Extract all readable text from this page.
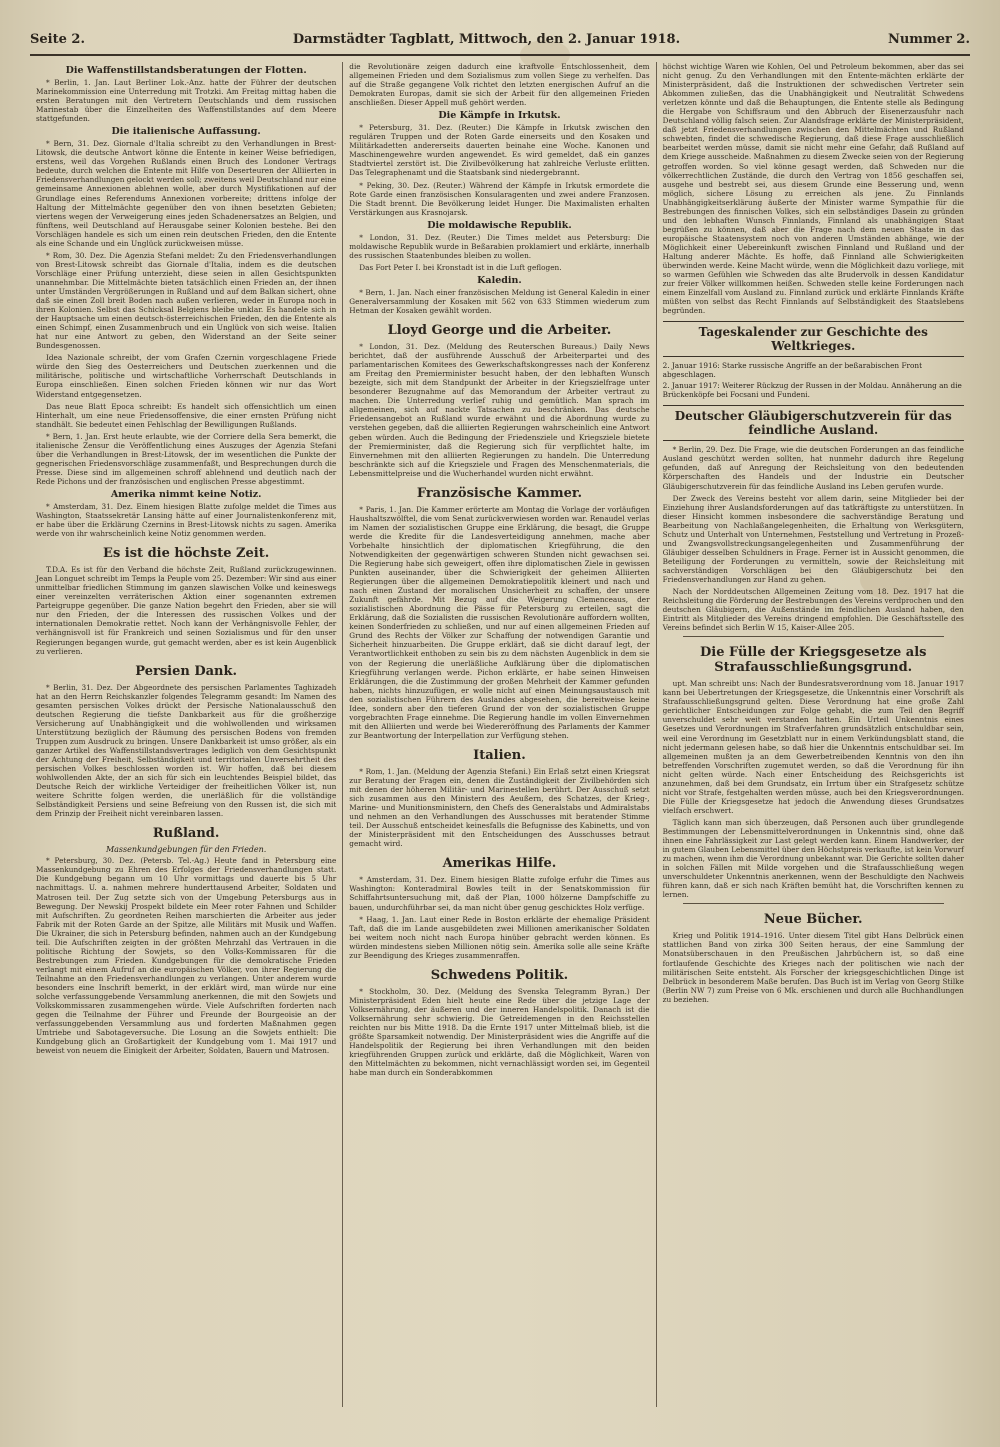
Seite 2.	Darmstädter Tagblatt, Mittwoch, den 2. Januar 1918.	Nummer 2.
Die Waffenstillstandsberatungen der Flotten.

* Berlin, 1. Jan. Laut Berliner Lok.-Anz. hatte der Führer der deutschen Marinekommission eine Unterredung mit Trotzki. Am Freitag mittag haben die ersten Beratungen mit den Vertretern Deutschlands und dem russischen Marinestab über die Einzelheiten des Waffenstillstandes auf dem Meere stattgefunden.

Die italienische Auffassung.

* Bern, 31. Dez. Giornale d'Italia schreibt zu den Verhandlungen in Brest-Litowsk, die deutsche Antwort könne die Entente in keiner Weise befriedigen, erstens, weil das Vorgehen Rußlands einen Bruch des Londoner Vertrags bedeute, durch welchen die Entente mit Hilfe von Deserteuren der Alliierten in Friedensverhandlungen gelockt werden soll; zweitens weil Deutschland nur eine gemeinsame Annexionen ablehnen wolle, aber durch Mystifikationen auf der Grundlage eines Referendums Annexionen vorbereite; drittens infolge der Haltung der Mittelmächte gegenüber den von ihnen besetzten Gebieten; viertens wegen der Verweigerung eines jeden Schadenersatzes an Belgien, und fünftens, weil Deutschland auf Herausgabe seiner Kolonien bestehe. Bei den Vorschlägen handele es sich um einen rein deutschen Frieden, den die Entente als eine Schande und ein Unglück zurückweisen müsse.

* Rom, 30. Dez. Die Agenzia Stefani meldet: Zu den Friedensverhandlungen von Brest-Litowsk schreibt das Giornale d'Italia, indem es die deutschen Vorschläge einer Prüfung unterzieht, diese seien in allen Gesichtspunkten unannehmbar. Die Mittelmächte bieten tatsächlich einen Frieden an, der ihnen unter Umständen Vergrößerungen in Rußland und auf dem Balkan sichert, ohne daß sie einen Zoll breit Boden nach außen verlieren, weder in Europa noch in ihren Kolonien. Selbst das Schicksal Belgiens bleibe unklar. Es handele sich in der Hauptsache um einen deutsch-österreichischen Frieden, den die Entente als einen Schimpf, einen Zusammenbruch und ein Unglück von sich weise. Italien hat nur eine Antwort zu geben, den Widerstand an der Seite seiner Bundesgenossen.

Idea Nazionale schreibt, der vom Grafen Czernin vorgeschlagene Friede würde den Sieg des Oesterreichers und Deutschen zuerkennen und die militärische, politische und wirtschaftliche Vorherrschaft Deutschlands in Europa einschließen. Einen solchen Frieden können wir nur das Wort Widerstand entgegensetzen.

Das neue Blatt Epoca schreibt: Es handelt sich offensichtlich um einen Hinterhalt, um eine neue Friedensoffensive, die einer ernsten Prüfung nicht standhält. Sie bedeutet einen Fehlschlag der Bewilligungen Rußlands.

* Bern, 1. Jan. Erst heute erlaubte, wie der Corriere della Sera bemerkt, die italienische Zensur die Veröffentlichung eines Auszuges der Agenzia Stefani über die Verhandlungen in Brest-Litowsk, der im wesentlichen die Punkte der gegnerischen Friedensvorschläge zusammenfaßt, und Besprechungen durch die Presse. Diese sind im allgemeinen schroff ablehnend und deutlich nach der Rede Pichons und der französischen und englischen Presse abgestimmt.

Amerika nimmt keine Notiz.

* Amsterdam, 31. Dez. Einem hiesigen Blatte zufolge meldet die Times aus Washington, Staatssekretär Lansing hätte auf einer Journalistenkonferenz mit, er habe über die Erklärung Czernins in Brest-Litowsk nichts zu sagen. Amerika werde von ihr wahrscheinlich keine Notiz genommen werden.

Es ist die höchste Zeit.

T.D.A. Es ist für den Verband die höchste Zeit, Rußland zurückzugewinnen. Jean Longuet schreibt im Temps la Peuple vom 25. Dezember: Wir sind aus einer unmittelbar friedlichen Stimmung im ganzen slawischen Volke und keineswegs einer vereinzelten verräterischen Aktion einer sogenannten extremen Parteigruppe gegenüber. Die ganze Nation begehrt den Frieden, aber sie will nur den Frieden, der die Interessen des russischen Volkes und der internationalen Demokratie rettet. Noch kann der Verhängnisvolle Fehler, der verhängnisvoll ist für Frankreich und seinen Sozialismus und für den unser Regierungen begangen wurde, gut gemacht werden, aber es ist kein Augenblick zu verlieren.

Persien Dank.

* Berlin, 31. Dez. Der Abgeordnete des persischen Parlamentes Taghizadeh hat an den Herrn Reichskanzler folgendes Telegramm gesandt: Im Namen des gesamten persischen Volkes drückt der Persische Nationalausschuß den deutschen Regierung die tiefste Dankbarkeit aus für die großherzige Versicherung auf Unabhängigkeit und die wohlwollenden und wirksamen Unterstützung bezüglich der Räumung des persischen Bodens von fremden Truppen zum Ausdruck zu bringen. Unsere Dankbarkeit ist umso größer, als ein ganzer Artikel des Waffenstillstandsvertrages lediglich von dem Gesichtspunkt der Achtung der Freiheit, Selbständigkeit und territorialen Unversehrtheit des persischen Volkes beschlossen worden ist. Wir hoffen, daß bei diesem wohlwollenden Akte, der an sich für sich ein leuchtendes Beispiel bildet, das Deutsche Reich der wirkliche Verteidiger der freiheitlichen Völker ist, nun weitere Schritte folgen werden, die unerläßlich für die vollständige Selbständigkeit Persiens und seine Befreiung von den Russen ist, die sich mit dem Prinzip der Freiheit nicht vereinbaren lassen.

Rußland.
Massenkundgebungen für den Frieden.

* Petersburg, 30. Dez. (Petersb. Tel.-Ag.) Heute fand in Petersburg eine Massenkundgebung zu Ehren des Erfolges der Friedensverhandlungen statt. Die Kundgebung begann um 10 Uhr vormittags und dauerte bis 5 Uhr nachmittags. U. a. nahmen mehrere hunderttausend Arbeiter, Soldaten und Matrosen teil. Der Zug setzte sich von der Umgebung Petersburgs aus in Bewegung. Der Newskij Prospekt bildete ein Meer roter Fahnen und Schilder mit Aufschriften. Zu geordneten Reihen marschierten die Arbeiter aus jeder Fabrik mit der Roten Garde an der Spitze, alle Militärs mit Musik und Waffen. Die Ukrainer, die sich in Petersburg befinden, nahmen auch an der Kundgebung teil. Die Aufschriften zeigten in der größten Mehrzahl das Vertrauen in die politische Richtung der Sowjets, so den Volks-Kommissaren für die Bestrebungen zum Frieden. Kundgebungen für die demokratische Frieden verlangt mit einem Aufruf an die europäischen Völker, von ihrer Regierung die Teilnahme an den Friedensverhandlungen zu verlangen. Unter anderem wurde besonders eine Inschrift bemerkt, in der erklärt wird, man würde nur eine solche verfassunggebende Versammlung anerkennen, die mit den Sowjets und Volkskommissaren zusammengehen würde. Viele Aufschriften forderten nach gegen die Teilnahme der Führer und Freunde der Bourgeoisie an der verfassunggebenden Versammlung aus und forderten Maßnahmen gegen Umtriebe und Sabotageversuche. Die Losung an die Sowjets enthielt: Die Kundgebung glich an Großartigkeit der Kundgebung vom 1. Mai 1917 und beweist von neuem die Einigkeit der Arbeiter, Soldaten, Bauern und Matrosen.

die Revolutionäre zeigen dadurch eine kraftvolle Entschlossenheit, dem allgemeinen Frieden und dem Sozialismus zum vollen Siege zu verhelfen. Das auf die Straße gegangene Volk richtet den letzten energischen Aufruf an die Demokraten Europas, damit sie sich der Arbeit für den allgemeinen Frieden anschließen. Dieser Appell muß gehört werden.

Die Kämpfe in Irkutsk.

* Petersburg, 31. Dez. (Reuter.) Die Kämpfe in Irkutsk zwischen den regulären Truppen und der Roten Garde einerseits und den Kosaken und Militärkadetten andererseits dauerten beinahe eine Woche. Kanonen und Maschinengewehre wurden angewendet. Es wird gemeldet, daß ein ganzes Stadtviertel zerstört ist. Die Zivilbevölkerung hat zahlreiche Verluste erlitten. Das Telegraphenamt und die Staatsbank sind niedergebrannt.

* Peking, 30. Dez. (Reuter.) Während der Kämpfe in Irkutsk ermordete die Rote Garde einen französischen Konsularagenten und zwei andere Franzosen. Die Stadt brennt. Die Bevölkerung leidet Hunger. Die Maximalisten erhalten Verstärkungen aus Krasnojarsk.

Die moldawische Republik.

* London, 31. Dez. (Reuter.) Die Times meldet aus Petersburg: Die moldawische Republik wurde in Beßarabien proklamiert und erklärte, innerhalb des russischen Staatenbundes bleiben zu wollen.

Das Fort Peter I. bei Kronstadt ist in die Luft geflogen.

Kaledin.

* Bern, 1. Jan. Nach einer französischen Meldung ist General Kaledin in einer Generalversammlung der Kosaken mit 562 von 633 Stimmen wiederum zum Hetman der Kosaken gewählt worden.

Lloyd George und die Arbeiter.

* London, 31. Dez. (Meldung des Reuterschen Bureaus.) Daily News berichtet, daß der ausführende Ausschuß der Arbeiterpartei und des parlamentarischen Komitees des Gewerkschaftskongresses nach der Konferenz am Freitag den Premierminister besucht haben, der den lebhaften Wunsch bezeigte, sich mit dem Standpunkt der Arbeiter in der Kriegszielfrage unter besonderer Bezugnahme auf das Memorandum der Arbeiter vertraut zu machen. Die Unterredung verlief ruhig und gemütlich. Man sprach im allgemeinen, sich auf nackte Tatsachen zu beschränken. Das deutsche Friedensangebot an Rußland wurde erwähnt und die Abordnung wurde zu verstehen gegeben, daß die alliierten Regierungen wahrscheinlich eine Antwort geben würden. Auch die Bedingung der Friedensziele und Kriegsziele bietete der Premierminister, daß die Regierung sich für verpflichtet halte, im Einvernehmen mit den alliierten Regierungen zu handeln. Die Unterredung beschränkte sich auf die Kriegsziele und Fragen des Menschenmaterials, die Lebensmittelpreise und die Wucherhandel wurden nicht erwähnt.

Französische Kammer.

* Paris, 1. Jan. Die Kammer erörterte am Montag die Vorlage der vorläufigen Haushaltszwölftel, die vom Senat zurückverwiesen worden war. Renaudel verlas im Namen der sozialistischen Gruppe eine Erklärung, die besagt, die Gruppe werde die Kredite für die Landesverteidigung annehmen, mache aber Vorbehalte hinsichtlich der diplomatischen Kriegführung, die den Notwendigkeiten der gegenwärtigen schweren Stunden nicht gewachsen sei. Die Regierung habe sich geweigert, offen ihre diplomatischen Ziele in gewissen Punkten auseinander, über die Schwierigkeit der geheimen Alliierten Regierungen über die allgemeinen Demokratiepolitik kleinert und nach und nach einen Zustand der moralischen Unsicherheit zu schaffen, der unsere Zukunft gefährde. Mit Bezug auf die Weigerung Clemenceaus, der sozialistischen Abordnung die Pässe für Petersburg zu erteilen, sagt die Erklärung, daß die Sozialisten die russischen Revolutionäre auffordern wollten, keinen Sonderfrieden zu schließen, und nur auf einen allgemeinen Frieden auf Grund des Rechts der Völker zur Schaffung der notwendigen Garantie und Sicherheit hinzuarbeiten. Die Gruppe erklärt, daß sie dicht darauf legt, der Verantwortlichkeit enthoben zu sein bis zu dem nächsten Augenblick in dem sie von der Regierung die unerläßliche Aufklärung über die diplomatischen Kriegführung verlangen werde. Pichon erklärte, er habe seinen Hinweisen Erklärungen, die die Zustimmung der großen Mehrheit der Kammer gefunden haben, nichts hinzuzufügen, er wolle nicht auf einen Meinungsaustausch mit den sozialistischen Führern des Auslandes abgesehen, die bereitweise keine Idee, sondern aber den tieferen Grund der von der sozialistischen Gruppe vorgebrachten Frage einnehme. Die Regierung handle im vollen Einvernehmen mit den Alliierten und werde bei Wiedereröffnung des Parlaments der Kammer zur Beantwortung der Interpellation zur Verfügung stehen.

Italien.

* Rom, 1. Jan. (Meldung der Agenzia Stefani.) Ein Erlaß setzt einen Kriegsrat zur Beratung der Fragen ein, denen die Zuständigkeit der Zivilbehörden sich mit denen der höheren Militär- und Marinestellen berührt. Der Ausschuß setzt sich zusammen aus den Ministern des Aeußern, des Schatzes, der Krieg-, Marine- und Munitionsministern, den Chefs des Generalstabs und Admiralstabs und nehmen an den Verhandlungen des Ausschusses mit beratender Stimme teil. Der Ausschuß entscheidet keinesfalls die Befugnisse des Kabinetts, und von der Ministerpräsident mit den Entscheidungen des Ausschusses betraut gemacht wird.

Amerikas Hilfe.

* Amsterdam, 31. Dez. Einem hiesigen Blatte zufolge erfuhr die Times aus Washington: Konteradmiral Bowles teilt in der Senatskommission für Schiffahrtsuntersuchung mit, daß der Plan, 1000 hölzerne Dampfschiffe zu bauen, undurchführbar sei, da man nicht über genug geschicktes Holz verfüge.

* Haag, 1. Jan. Laut einer Rede in Boston erklärte der ehemalige Präsident Taft, daß die im Lande ausgebildeten zwei Millionen amerikanischer Soldaten bei weitem noch nicht nach Europa hinüber gebracht werden können. Es würden mindestens sieben Millionen nötig sein. Amerika solle alle seine Kräfte zur Beendigung des Krieges zusammenraffen.

Schwedens Politik.

* Stockholm, 30. Dez. (Meldung des Svenska Telegramm Byran.) Der Ministerpräsident Eden hielt heute eine Rede über die jetzige Lage der Volksernährung, der äußeren und der inneren Handelspolitik. Danach ist die Volksernährung sehr schwierig. Die Getreidemengen in den Reichsstellen reichten nur bis Mitte 1918. Da die Ernte 1917 unter Mittelmaß blieb, ist die größte Sparsamkeit notwendig. Der Ministerpräsident wies die Angriffe auf die Handelspolitik der Regierung bei ihren Verhandlungen mit den beiden kriegführenden Gruppen zurück und erklärte, daß die Möglichkeit, Waren von den Mittelmächten zu bekommen, nicht vernachlässigt worden sei, im Gegenteil habe man durch ein Sonderabkommen

höchst wichtige Waren wie Kohlen, Oel und Petroleum bekommen, aber das sei nicht genug. Zu den Verhandlungen mit den Entente-mächten erklärte der Ministerpräsident, daß die Instruktionen der schwedischen Vertreter sein Abkommen zuließen, das die Unabhängigkeit und Neutralität Schwedens verletzen könnte und daß die Behauptungen, die Entente stelle als Bedingung die Hergabe von Schiffsraum und den Abbruch der Eisenerzausfuhr nach Deutschland völlig falsch seien. Zur Alandsfrage erklärte der Ministerpräsident, daß jetzt Friedensverhandlungen zwischen den Mittelmächten und Rußland schwebten, findet die schwedische Regierung, daß diese Frage ausschließlich bearbeitet werden müsse, damit sie nicht mehr eine Gefahr, daß Rußland auf dem Kriege ausscheide. Maßnahmen zu diesem Zwecke seien von der Regierung getroffen worden. So viel könne gesagt werden, daß Schweden nur die völkerrechtlichen Zustände, die durch den Vertrag von 1856 geschaffen sei, ausgehe und bestrebt sei, aus diesem Grunde eine Besserung und, wenn möglich, sichere Lösung zu erreichen als jene. Zu Finnlands Unabhängigkeitserklärung äußerte der Minister warme Sympathie für die Bestrebungen des finnischen Volkes, sich ein selbständiges Dasein zu gründen und den lebhaften Wunsch Finnlands, Finnland als unabhängigen Staat begrüßen zu können, daß aber die Frage nach dem neuen Staate in das europäische Staatensystem noch von anderen Umständen abhänge, wie der Möglichkeit einer Uebereinkunft zwischen Finnland und Rußland und der Haltung anderer Mächte. Es hoffe, daß Finnland alle Schwierigkeiten überwinden werde. Keine Macht würde, wenn die Möglichkeit dazu vorliege, mit so warmen Gefühlen wie Schweden das alte Brudervolk in dessen Kandidatur zur freier Völker willkommen heißen. Schweden stelle keine Forderungen nach einem Einzelfall vom Ausland zu. Finnland zurück und erklärte Finnlands Kräfte müßten von selbst das Recht Finnlands auf Selbständigkeit des Staatslebens begründen.

Tageskalender zur Geschichte des Weltkrieges.
2. Januar 1916: Starke russische Angriffe an der beßarabischen Front abgeschlagen.
2. Januar 1917: Weiterer Rückzug der Russen in der Moldau. Annäherung an die Brückenköpfe bei Focsani und Fundeni.
Deutscher Gläubigerschutzverein für das feindliche Ausland.

* Berlin, 29. Dez. Die Frage, wie die deutschen Forderungen an das feindliche Ausland geschützt werden sollten, hat nunmehr dadurch ihre Regelung gefunden, daß auf Anregung der Reichsleitung von den bedeutenden Körperschaften des Handels und der Industrie ein Deutscher Gläubigerschutzverein für das feindliche Ausland ins Leben gerufen wurde.

Der Zweck des Vereins besteht vor allem darin, seine Mitglieder bei der Einziehung ihrer Auslandsforderungen auf das tatkräftigste zu unterstützen. In dieser Hinsicht kommen insbesondere die sachverständige Beratung und Bearbeitung von Nachlaßangelegenheiten, die Erhaltung von Werksgütern, Schutz und Unterhalt von Unternehmen, Feststellung und Vertretung in Prozeß- und Zwangsvollstreckungsangelegenheiten und Zusammenführung der Gläubiger desselben Schuldners in Frage. Ferner ist in Aussicht genommen, die Beteiligung der Forderungen zu vermitteln, sowie der Reichsleitung mit sachverständigen Vorschlägen bei den Gläubigerschutz bei den Friedensverhandlungen zur Hand zu gehen.

Nach der Norddeutschen Allgemeinen Zeitung vom 18. Dez. 1917 hat die Reichsleitung die Förderung der Bestrebungen des Vereins verdprochen und den deutschen Gläubigern, die Außenstände im feindlichen Ausland haben, den Eintritt als Mitglieder des Vereins dringend empfohlen. Die Geschäftsstelle des Vereins befindet sich Berlin W 15, Kaiser-Allee 205.

Die Fülle der Kriegsgesetze als Strafausschließungsgrund.

upt. Man schreibt uns: Nach der Bundesratsverordnung vom 18. Januar 1917 kann bei Uebertretungen der Kriegsgesetze, die Unkenntnis einer Vorschrift als Strafausschließungsgrund gelten. Diese Verordnung hat eine große Zahl gerichtlicher Entscheidungen zur Folge gehabt, die zum Teil den Begriff unverschuldet sehr weit verstanden hatten. Ein Urteil Unkenntnis eines Gesetzes und Verordnungen im Strafverfahren grundsätzlich entschuldbar sein, weil eine Verordnung im Gesetzblatt nur in einem Verkündungsblatt stand, die nicht jedermann gelesen habe, so daß hier die Unkenntnis entschuldbar sei. Im allgemeinen mußten ja an dem Gewerbetreibenden Kenntnis von den ihn betreffenden Vorschriften zugemutet werden, so daß die Verordnung für ihn nicht gelten würde. Nach einer Entscheidung des Reichsgerichts ist anzunehmen, daß bei dem Grundsatz, ein Irrtum über ein Strafgesetz schütze nicht vor Strafe, festgehalten werden müsse, auch bei den Kriegsverordnungen. Die Fülle der Kriegsgesetze hat jedoch die Anwendung dieses Grundsatzes vielfach erschwert.

Täglich kann man sich überzeugen, daß Personen auch über grundlegende Bestimmungen der Lebensmittelverordnungen in Unkenntnis sind, ohne daß ihnen eine Fahrlässigkeit zur Last gelegt werden kann. Einem Handwerker, der in gutem Glauben Lebensmittel über den Höchstpreis verkaufte, ist kein Vorwurf zu machen, wenn ihm die Verordnung unbekannt war. Die Gerichte sollten daher in solchen Fällen mit Milde vorgehen und die Strafausschließung wegen unverschuldeter Unkenntnis anerkennen, wenn der Beschuldigte den Nachweis führen kann, daß er sich nach Kräften bemüht hat, die Vorschriften kennen zu lernen.

Neue Bücher.

Krieg und Politik 1914–1916. Unter diesem Titel gibt Hans Delbrück einen stattlichen Band von zirka 300 Seiten heraus, der eine Sammlung der Monatsüberschauen in den Preußischen Jahrbüchern ist, so daß eine fortlaufende Geschichte des Krieges nach der politischen wie nach der militärischen Seite entsteht. Als Forscher der kriegsgeschichtlichen Dinge ist Delbrück in besonderem Maße berufen. Das Buch ist im Verlag von Georg Stilke (Berlin NW 7) zum Preise von 6 Mk. erschienen und durch alle Buchhandlungen zu beziehen.
